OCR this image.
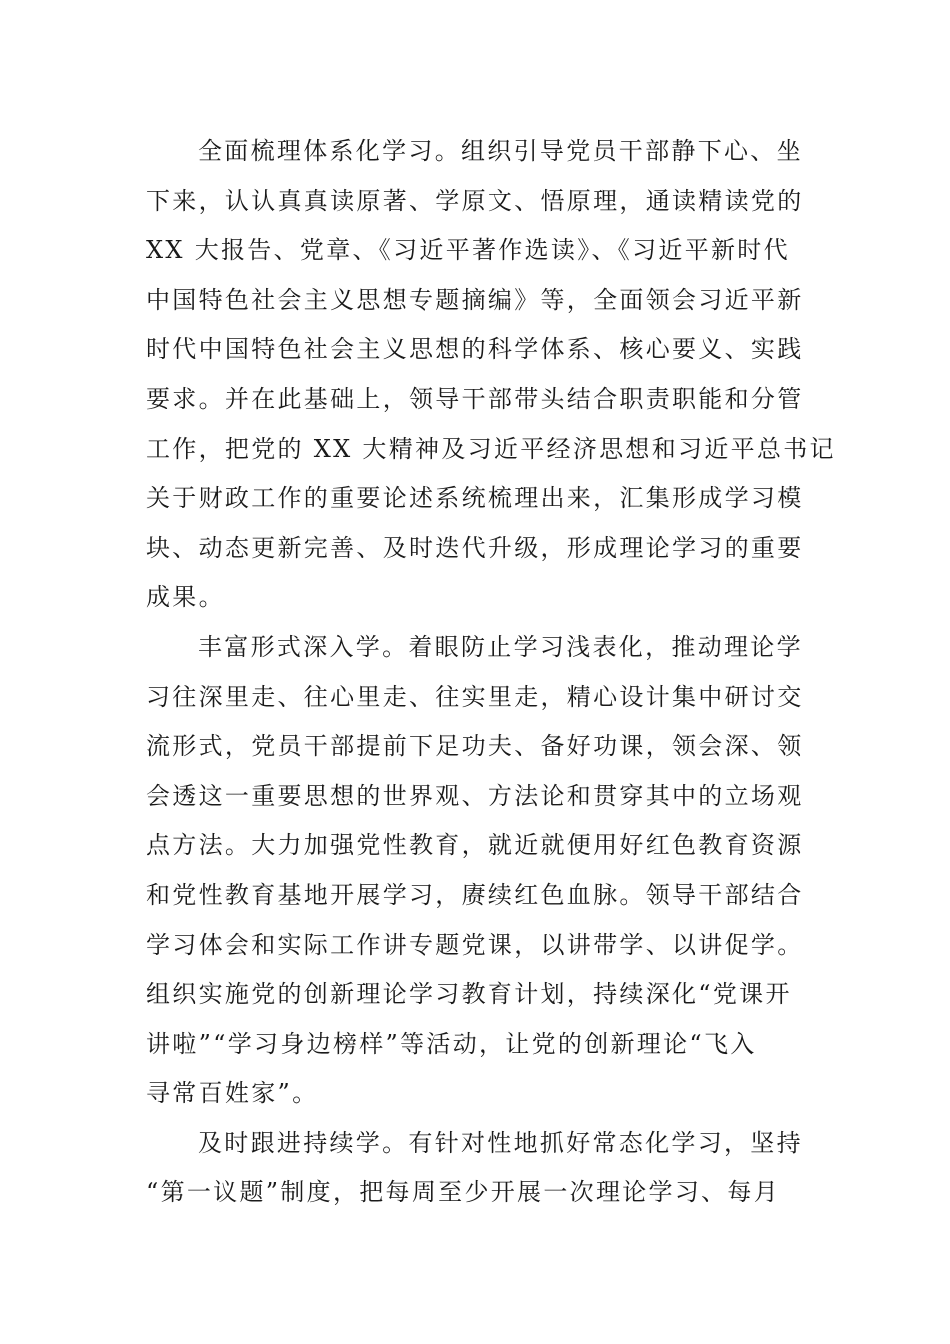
全面梳理体系化学习。组织引导党员干部静下心、坐
下来，认认真真读原著、学原文、悟原理，通读精读党的
XX 大报告、党章、《习近平著作选读》、《习近平新时代
中国特色社会主义思想专题摘编》等，全面领会习近平新
时代中国特色社会主义思想的科学体系、核心要义、实践
要求。并在此基础上，领导干部带头结合职责职能和分管
工作，把党的 XX 大精神及习近平经济思想和习近平总书记
关于财政工作的重要论述系统梳理出来，汇集形成学习模
块、动态更新完善、及时迭代升级，形成理论学习的重要
成果。
丰富形式深入学。着眼防止学习浅表化，推动理论学
习往深里走、往心里走、往实里走，精心设计集中研讨交
流形式，党员干部提前下足功夫、备好功课，领会深、领
会透这一重要思想的世界观、方法论和贯穿其中的立场观
点方法。大力加强党性教育，就近就便用好红色教育资源
和党性教育基地开展学习，赓续红色血脉。领导干部结合
学习体会和实际工作讲专题党课，以讲带学、以讲促学。
组织实施党的创新理论学习教育计划，持续深化“党课开
讲啦”“学习身边榜样”等活动，让党的创新理论“飞入
寻常百姓家”。
及时跟进持续学。有针对性地抓好常态化学习，坚持
“第一议题”制度，把每周至少开展一次理论学习、每月
